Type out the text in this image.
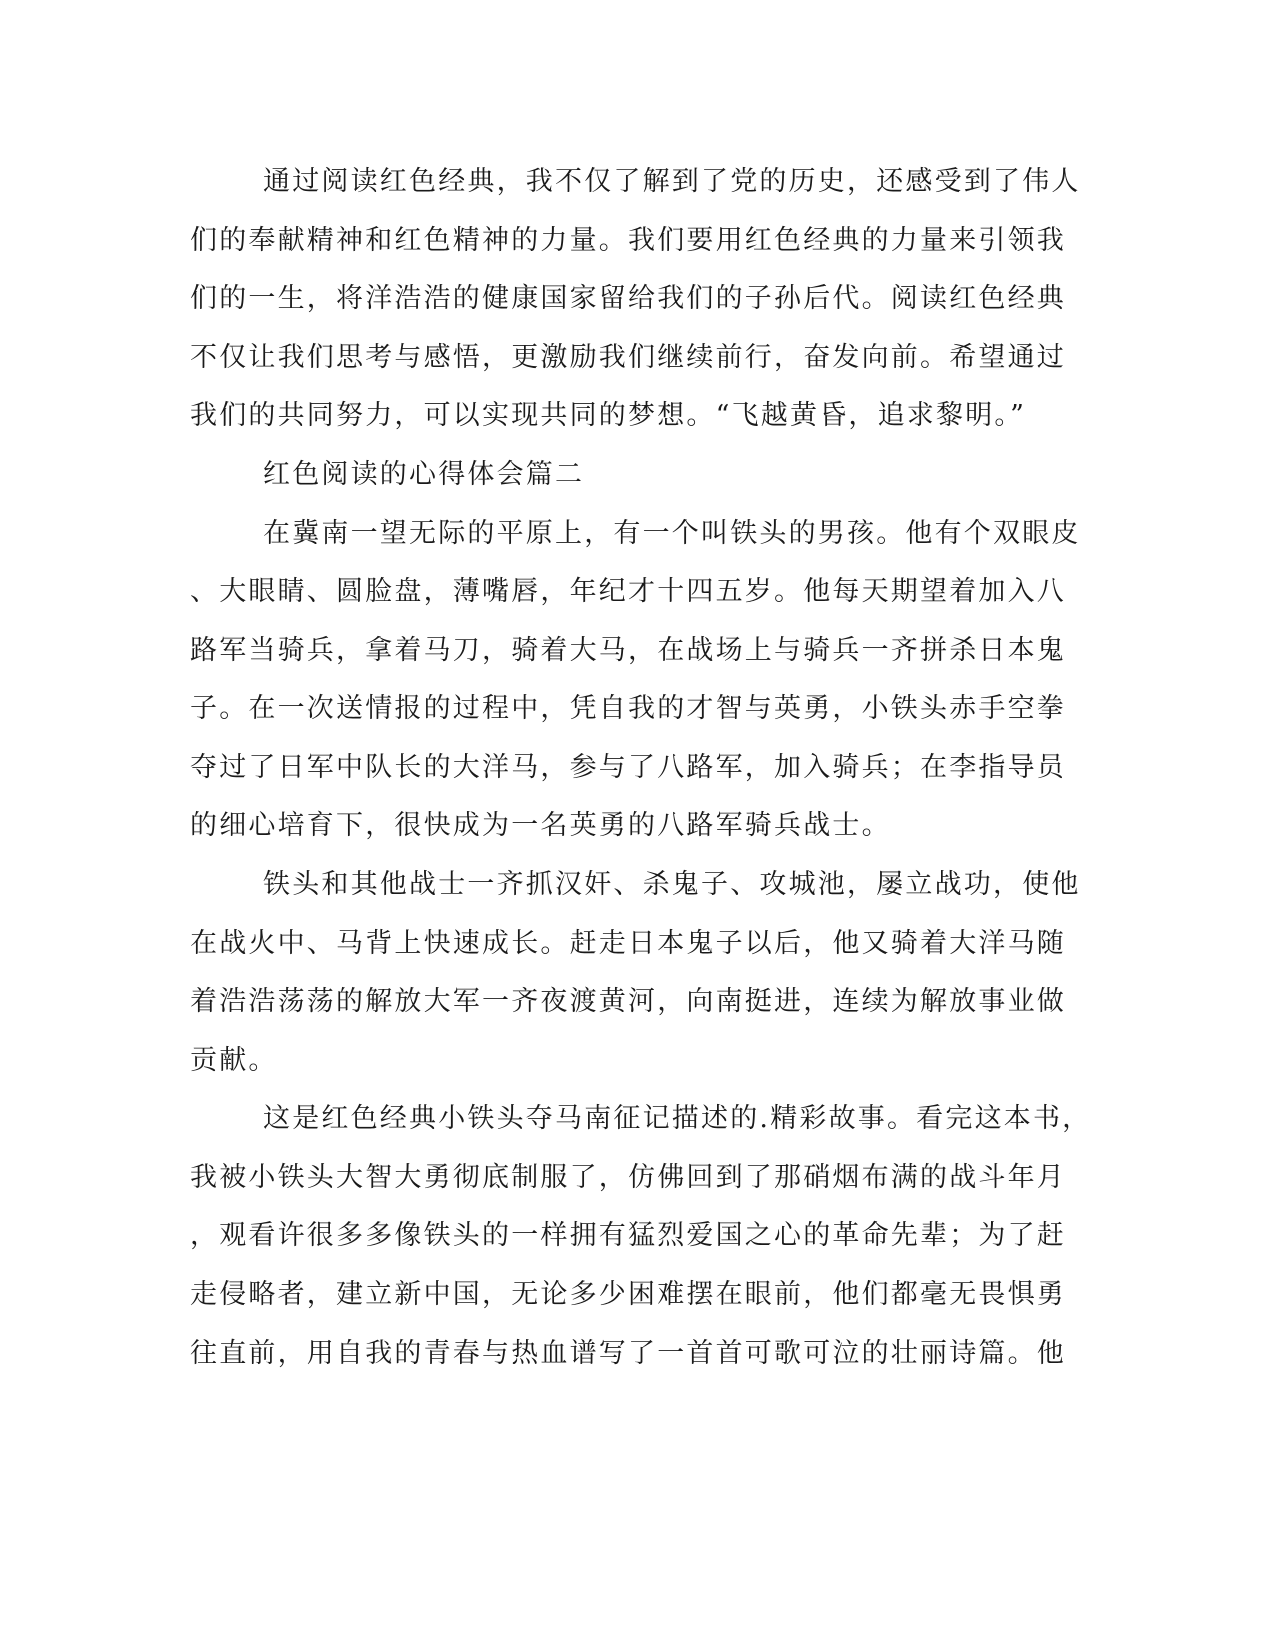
通过阅读红色经典，我不仅了解到了党的历史，还感受到了伟人
们的奉献精神和红色精神的力量。我们要用红色经典的力量来引领我
们的一生，将洋浩浩的健康国家留给我们的子孙后代。阅读红色经典
不仅让我们思考与感悟，更激励我们继续前行，奋发向前。希望通过
我们的共同努力，可以实现共同的梦想。“飞越黄昏，追求黎明。”
红色阅读的心得体会篇二
在冀南一望无际的平原上，有一个叫铁头的男孩。他有个双眼皮
、大眼睛、圆脸盘，薄嘴唇，年纪才十四五岁。他每天期望着加入八
路军当骑兵，拿着马刀，骑着大马，在战场上与骑兵一齐拼杀日本鬼
子。在一次送情报的过程中，凭自我的才智与英勇，小铁头赤手空拳
夺过了日军中队长的大洋马，参与了八路军，加入骑兵；在李指导员
的细心培育下，很快成为一名英勇的八路军骑兵战士。
铁头和其他战士一齐抓汉奸、杀鬼子、攻城池，屡立战功，使他
在战火中、马背上快速成长。赶走日本鬼子以后，他又骑着大洋马随
着浩浩荡荡的解放大军一齐夜渡黄河，向南挺进，连续为解放事业做
贡献。
这是红色经典小铁头夺马南征记描述的.精彩故事。看完这本书，
我被小铁头大智大勇彻底制服了，仿佛回到了那硝烟布满的战斗年月
，观看许很多多像铁头的一样拥有猛烈爱国之心的革命先辈；为了赶
走侵略者，建立新中国，无论多少困难摆在眼前，他们都毫无畏惧勇
往直前，用自我的青春与热血谱写了一首首可歌可泣的壮丽诗篇。他
